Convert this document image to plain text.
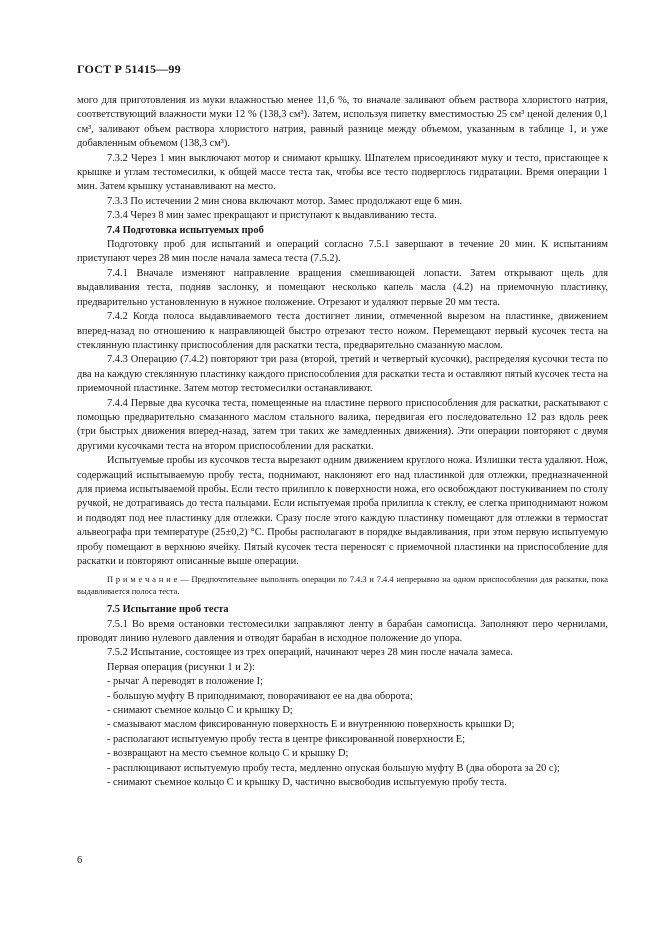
ГОСТ Р 51415—99

мого для приготовления из муки влажностью менее 11,6 %, то вначале заливают объем раствора хлористого натрия, соответствующий влажности муки 12 % (138,3 см³). Затем, используя пипетку вместимостью 25 см³ ценой деления 0,1 см³, заливают объем раствора хлористого натрия, равный разнице между объемом, указанным в таблице 1, и уже добавленным объемом (138,3 см³).

7.3.2 Через 1 мин выключают мотор и снимают крышку. Шпателем присоединяют муку и тесто, пристающее к крышке и углам тестомесилки, к общей массе теста так, чтобы все тесто подверглось гидратации. Время операции 1 мин. Затем крышку устанавливают на место.

7.3.3 По истечении 2 мин снова включают мотор. Замес продолжают еще 6 мин.

7.3.4 Через 8 мин замес прекращают и приступают к выдавливанию теста.

7.4 Подготовка испытуемых проб

Подготовку проб для испытаний и операций согласно 7.5.1 завершают в течение 20 мин. К испытаниям приступают через 28 мин после начала замеса теста (7.5.2).

7.4.1 Вначале изменяют направление вращения смешивающей лопасти. Затем открывают щель для выдавливания теста, подняв заслонку, и помещают несколько капель масла (4.2) на приемочную пластинку, предварительно установленную в нужное положение. Отрезают и удаляют первые 20 мм теста.

7.4.2 Когда полоса выдавливаемого теста достигнет линии, отмеченной вырезом на пластинке, движением вперед-назад по отношению к направляющей быстро отрезают тесто ножом. Перемещают первый кусочек теста на стеклянную пластинку приспособления для раскатки теста, предварительно смазанную маслом.

7.4.3 Операцию (7.4.2) повторяют три раза (второй, третий и четвертый кусочки), распределяя кусочки теста по два на каждую стеклянную пластинку каждого приспособления для раскатки теста и оставляют пятый кусочек теста на приемочной пластинке. Затем мотор тестомесилки останавливают.

7.4.4 Первые два кусочка теста, помещенные на пластине первого приспособления для раскатки, раскатывают с помощью предварительно смазанного маслом стального валика, передвигая его последовательно 12 раз вдоль реек (три быстрых движения вперед-назад, затем три таких же замедленных движения). Эти операции повторяют с двумя другими кусочками теста на втором приспособлении для раскатки.

Испытуемые пробы из кусочков теста вырезают одним движением круглого ножа. Излишки теста удаляют. Нож, содержащий испытываемую пробу теста, поднимают, наклоняют его над пластинкой для отлежки, предназначенной для приема испытываемой пробы. Если тесто прилипло к поверхности ножа, его освобождают постукиванием по столу ручкой, не дотрагиваясь до теста пальцами. Если испытуемая проба прилипла к стеклу, ее слегка приподнимают ножом и подводят под нее пластинку для отлежки. Сразу после этого каждую пластинку помещают для отлежки в термостат альвеографа при температуре (25±0,2) °С. Пробы располагают в порядке выдавливания, при этом первую испытуемую пробу помещают в верхнюю ячейку. Пятый кусочек теста переносят с приемочной пластинки на приспособление для раскатки и повторяют описанные выше операции.

П р и м е ч а н и е — Предпочтительнее выполнять операции по 7.4.3 и 7.4.4 непрерывно на одном приспособлении для раскатки, пока выдавливается полоса теста.

7.5 Испытание проб теста

7.5.1 Во время остановки тестомесилки заправляют ленту в барабан самописца. Заполняют перо чернилами, проводят линию нулевого давления и отводят барабан в исходное положение до упора.

7.5.2 Испытание, состоящее из трех операций, начинают через 28 мин после начала замеса.

Первая операция (рисунки 1 и 2):

- рычаг A переводят в положение I;

- большую муфту B приподнимают, поворачивают ее на два оборота;

- снимают съемное кольцо C и крышку D;

- смазывают маслом фиксированную поверхность E и внутреннюю поверхность крышки D;

- располагают испытуемую пробу теста в центре фиксированной поверхности E;

- возвращают на место съемное кольцо C и крышку D;

- расплющивают испытуемую пробу теста, медленно опуская большую муфту B (два оборота за 20 с);

- снимают съемное кольцо C и крышку D, частично высвободив испытуемую пробу теста.

6
